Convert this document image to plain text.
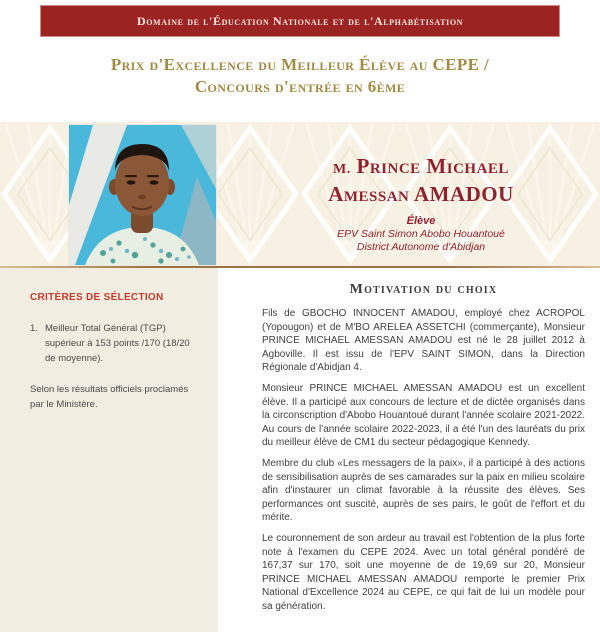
Domaine de l'Éducation Nationale et de l'Alphabétisation
Prix d'Excellence du Meilleur Élève au CEPE /
Concours d'entrée en 6ème
M. Prince Michael
Amessan AMADOU
Élève
EPV Saint Simon Abobo Houantoué
District Autonome d'Abidjan
CRITÈRES DE SÉLECTION
1. Meilleur Total Général (TGP) supérieur à 153 points /170 (18/20 de moyenne).

Selon les résultats officiels proclamés par le Ministère.

Motivation du choix

Fils de GBOCHO INNOCENT AMADOU, employé chez ACROPOL (Yopougon) et de M'BO ARELEA ASSETCHI (commerçante), Monsieur PRINCE MICHAEL AMESSAN AMADOU est né le 28 juillet 2012 à Agboville. Il est issu de l'EPV SAINT SIMON, dans la Direction Régionale d'Abidjan 4.

Monsieur PRINCE MICHAEL AMESSAN AMADOU est un excellent élève. Il a participé aux concours de lecture et de dictée organisés dans la circonscription d'Abobo Houantoué durant l'année scolaire 2021-2022. Au cours de l'année scolaire 2022-2023, il a été l'un des lauréats du prix du meilleur élève de CM1 du secteur pédagogique Kennedy.

Membre du club «Les messagers de la paix», il a participé à des actions de sensibilisation auprès de ses camarades sur la paix en milieu scolaire afin d'instaurer un climat favorable à la réussite des élèves. Ses performances ont suscité, auprès de ses pairs, le goût de l'effort et du mérite.

Le couronnement de son ardeur au travail est l'obtention de la plus forte note à l'examen du CEPE 2024. Avec un total général pondéré de 167,37 sur 170, soit une moyenne de de 19,69 sur 20, Monsieur PRINCE MICHAEL AMESSAN AMADOU remporte le premier Prix National d'Excellence 2024 au CEPE, ce qui fait de lui un modèle pour sa génération.
